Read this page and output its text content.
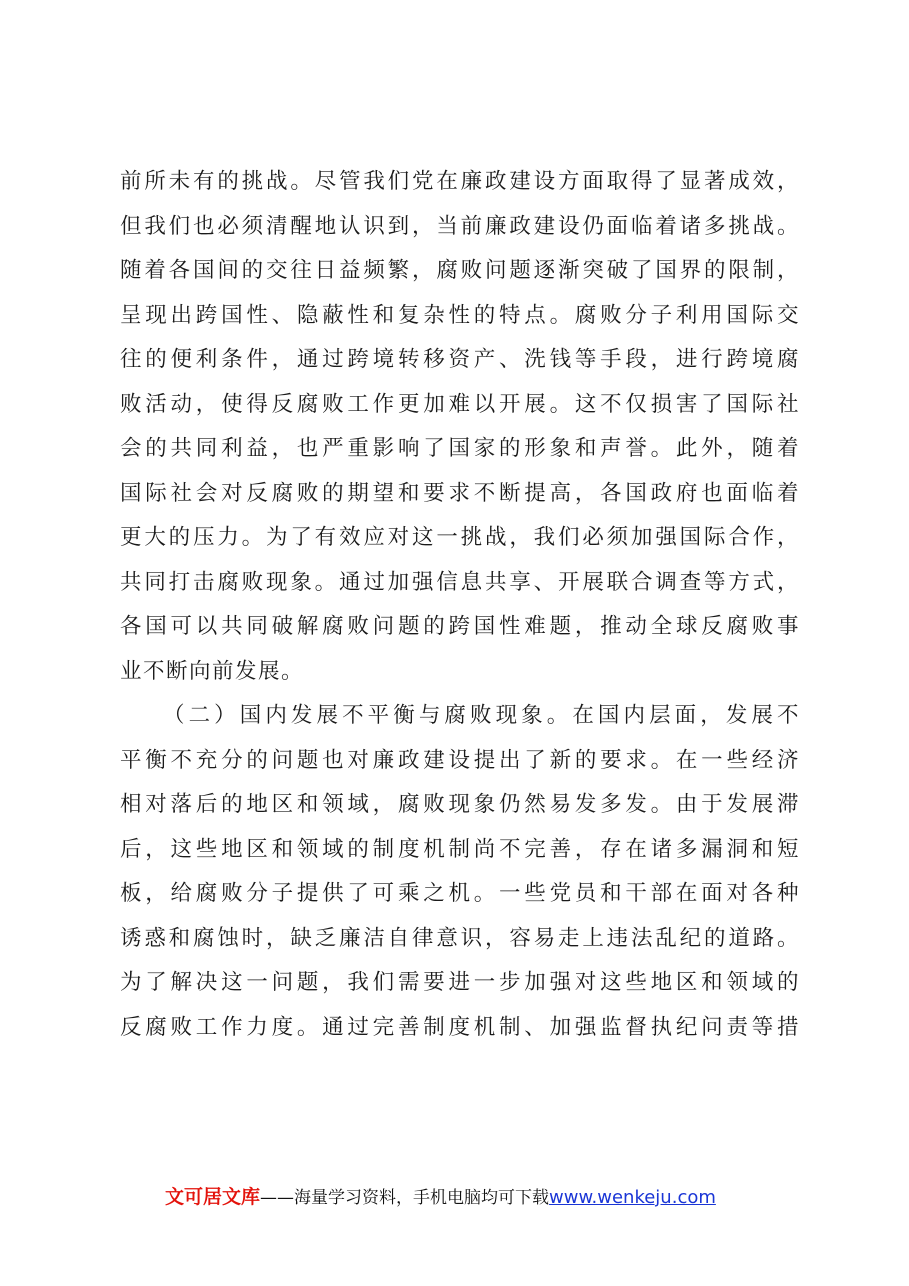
前所未有的挑战。尽管我们党在廉政建设方面取得了显著成效，
但我们也必须清醒地认识到，当前廉政建设仍面临着诸多挑战。
随着各国间的交往日益频繁，腐败问题逐渐突破了国界的限制，
呈现出跨国性、隐蔽性和复杂性的特点。腐败分子利用国际交
往的便利条件，通过跨境转移资产、洗钱等手段，进行跨境腐
败活动，使得反腐败工作更加难以开展。这不仅损害了国际社
会的共同利益，也严重影响了国家的形象和声誉。此外，随着
国际社会对反腐败的期望和要求不断提高，各国政府也面临着
更大的压力。为了有效应对这一挑战，我们必须加强国际合作，
共同打击腐败现象。通过加强信息共享、开展联合调查等方式，
各国可以共同破解腐败问题的跨国性难题，推动全球反腐败事
业不断向前发展。
（二）国内发展不平衡与腐败现象。在国内层面，发展不
平衡不充分的问题也对廉政建设提出了新的要求。在一些经济
相对落后的地区和领域，腐败现象仍然易发多发。由于发展滞
后，这些地区和领域的制度机制尚不完善，存在诸多漏洞和短
板，给腐败分子提供了可乘之机。一些党员和干部在面对各种
诱惑和腐蚀时，缺乏廉洁自律意识，容易走上违法乱纪的道路。
为了解决这一问题，我们需要进一步加强对这些地区和领域的
反腐败工作力度。通过完善制度机制、加强监督执纪问责等措
文可居文库——海量学习资料，手机电脑均可下载www.wenkeju.com
